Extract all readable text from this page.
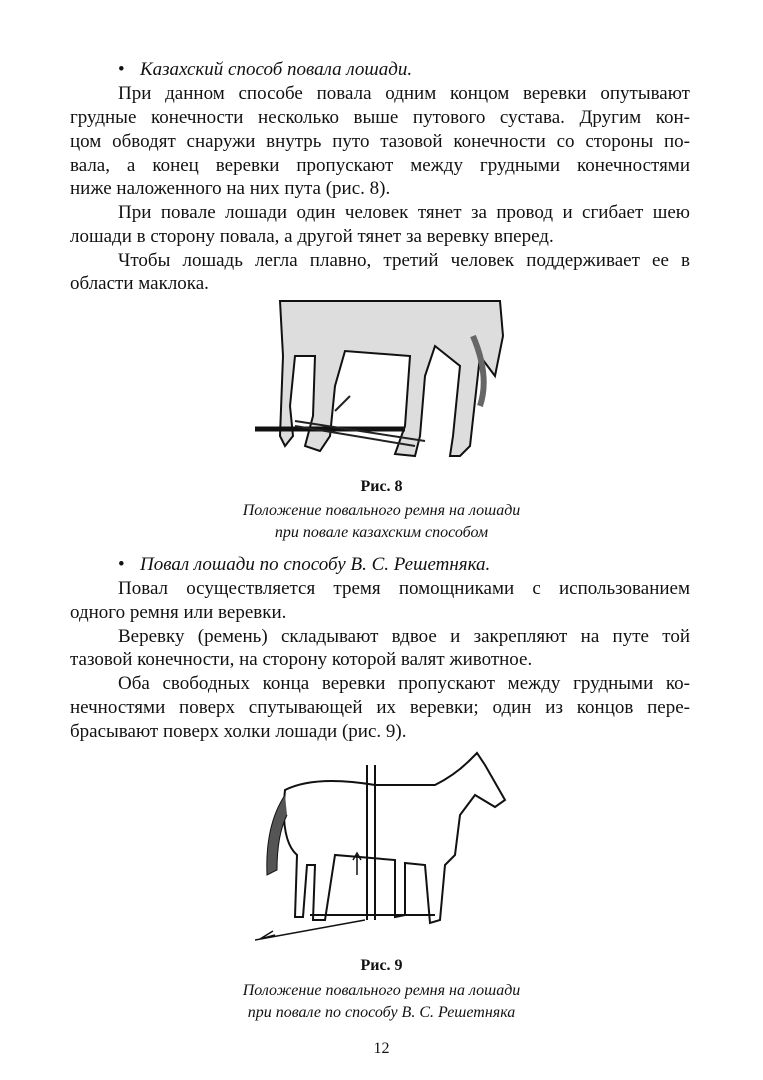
• Казахский способ повала лошади.
При данном способе повала одним концом веревки опутывают
грудные конечности несколько выше путового сустава. Другим кон-
цом обводят снаружи внутрь путо тазовой конечности со стороны по-
вала, а конец веревки пропускают между грудными конечностями
ниже наложенного на них пута (рис. 8).
При повале лошади один человек тянет за провод и сгибает шею
лошади в сторону повала, а другой тянет за веревку вперед.
Чтобы лошадь легла плавно, третий человек поддерживает ее в
области маклока.
Рис. 8
Положение повального ремня на лошади
при повале казахским способом
• Повал лошади по способу В. С. Решетняка.
Повал осуществляется тремя помощниками с использованием
одного ремня или веревки.
Веревку (ремень) складывают вдвое и закрепляют на путе той
тазовой конечности, на сторону которой валят животное.
Оба свободных конца веревки пропускают между грудными ко-
нечностями поверх спутывающей их веревки; один из концов пере-
брасывают поверх холки лошади (рис. 9).
Рис. 9
Положение повального ремня на лошади
при повале по способу В. С. Решетняка
12
